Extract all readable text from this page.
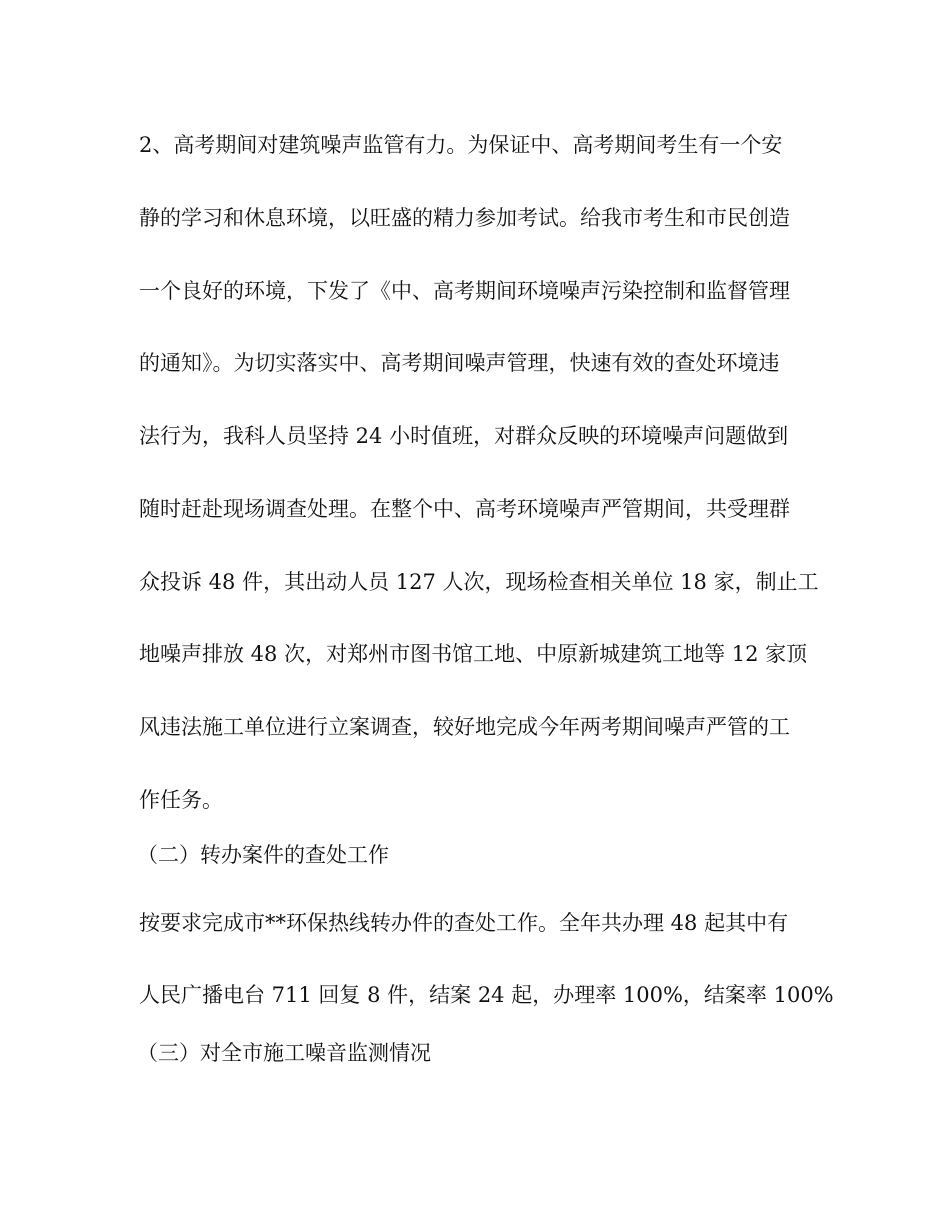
2、高考期间对建筑噪声监管有力。为保证中、高考期间考生有一个安
静的学习和休息环境，以旺盛的精力参加考试。给我市考生和市民创造
一个良好的环境，下发了《中、高考期间环境噪声污染控制和监督管理
的通知》。为切实落实中、高考期间噪声管理，快速有效的查处环境违
法行为，我科人员坚持 24 小时值班，对群众反映的环境噪声问题做到
随时赶赴现场调查处理。在整个中、高考环境噪声严管期间，共受理群
众投诉 48 件，其出动人员 127 人次，现场检查相关单位 18 家，制止工
地噪声排放 48 次，对郑州市图书馆工地、中原新城建筑工地等 12 家顶
风违法施工单位进行立案调查，较好地完成今年两考期间噪声严管的工
作任务。
（二）转办案件的查处工作
按要求完成市**环保热线转办件的查处工作。全年共办理 48 起其中有
人民广播电台 711 回复 8 件，结案 24 起，办理率 100%，结案率 100%
（三）对全市施工噪音监测情况
